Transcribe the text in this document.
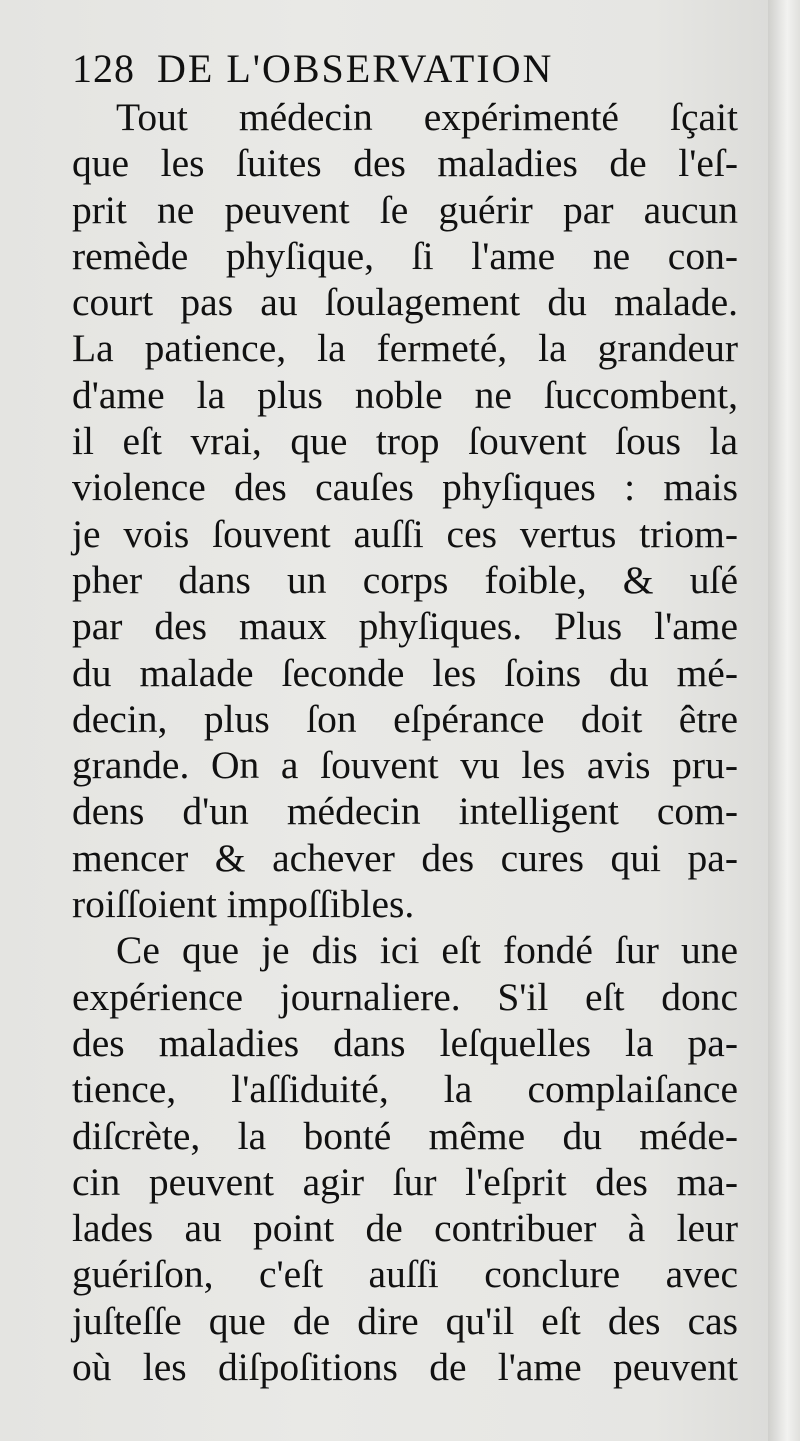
128 DE L'OBSERVATION
Tout médecin expérimenté ſçait
que les ſuites des maladies de l'eſ-
prit ne peuvent ſe guérir par aucun
remède phyſique, ſi l'ame ne con-
court pas au ſoulagement du malade.
La patience, la fermeté, la grandeur
d'ame la plus noble ne ſuccombent,
il eſt vrai, que trop ſouvent ſous la
violence des cauſes phyſiques : mais
je vois ſouvent auſſi ces vertus triom-
pher dans un corps foible, & uſé
par des maux phyſiques. Plus l'ame
du malade ſeconde les ſoins du mé-
decin, plus ſon eſpérance doit être
grande. On a ſouvent vu les avis pru-
dens d'un médecin intelligent com-
mencer & achever des cures qui pa-
roiſſoient impoſſibles.
Ce que je dis ici eſt fondé ſur une
expérience journaliere. S'il eſt donc
des maladies dans leſquelles la pa-
tience, l'aſſiduité, la complaiſance
diſcrète, la bonté même du méde-
cin peuvent agir ſur l'eſprit des ma-
lades au point de contribuer à leur
guériſon, c'eſt auſſi conclure avec
juſteſſe que de dire qu'il eſt des cas
où les diſpoſitions de l'ame peuvent
